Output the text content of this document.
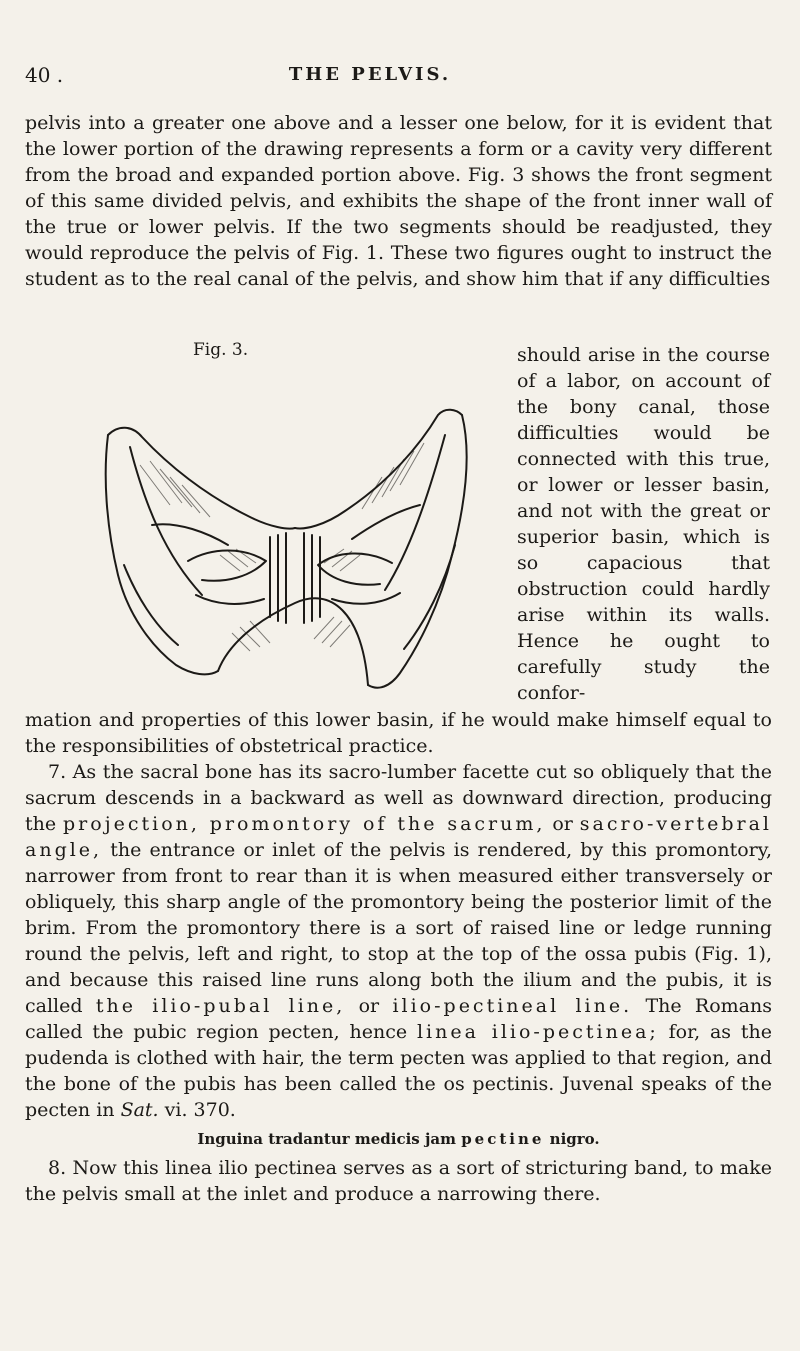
40 .	THE PELVIS.

pelvis into a greater one above and a lesser one below, for it is evident that the lower portion of the drawing represents a form or a cavity very different from the broad and expanded portion above. Fig. 3 shows the front segment of this same divided pelvis, and exhibits the shape of the front inner wall of the true or lower pelvis. If the two segments should be readjusted, they would reproduce the pelvis of Fig. 1. These two figures ought to instruct the student as to the real canal of the pelvis, and show him that if any difficulties

Fig. 3.	should arise in the course of a labor, on account of the bony canal, those difficulties would be connected with this true, or lower or lesser basin, and not with the great or superior basin, which is so capacious that obstruction could hardly arise within its walls. Hence he ought to carefully study the confor-

mation and properties of this lower basin, if he would make himself equal to the responsibilities of obstetrical practice.

7. As the sacral bone has its sacro-lumber facette cut so obliquely that the sacrum descends in a backward as well as downward direction, producing the projection, promontory of the sacrum, or sacro-vertebral angle, the entrance or inlet of the pelvis is rendered, by this promontory, narrower from front to rear than it is when measured either transversely or obliquely, this sharp angle of the promontory being the posterior limit of the brim. From the promontory there is a sort of raised line or ledge running round the pelvis, left and right, to stop at the top of the ossa pubis (Fig. 1), and because this raised line runs along both the ilium and the pubis, it is called the ilio-pubal line, or ilio-pectineal line. The Romans called the pubic region pecten, hence linea ilio-pectinea; for, as the pudenda is clothed with hair, the term pecten was applied to that region, and the bone of the pubis has been called the os pectinis. Juvenal speaks of the pecten in Sat. vi. 370.

Inguina tradantur medicis jam pectine nigro.

8. Now this linea ilio pectinea serves as a sort of stricturing band, to make the pelvis small at the inlet and produce a narrowing there.
